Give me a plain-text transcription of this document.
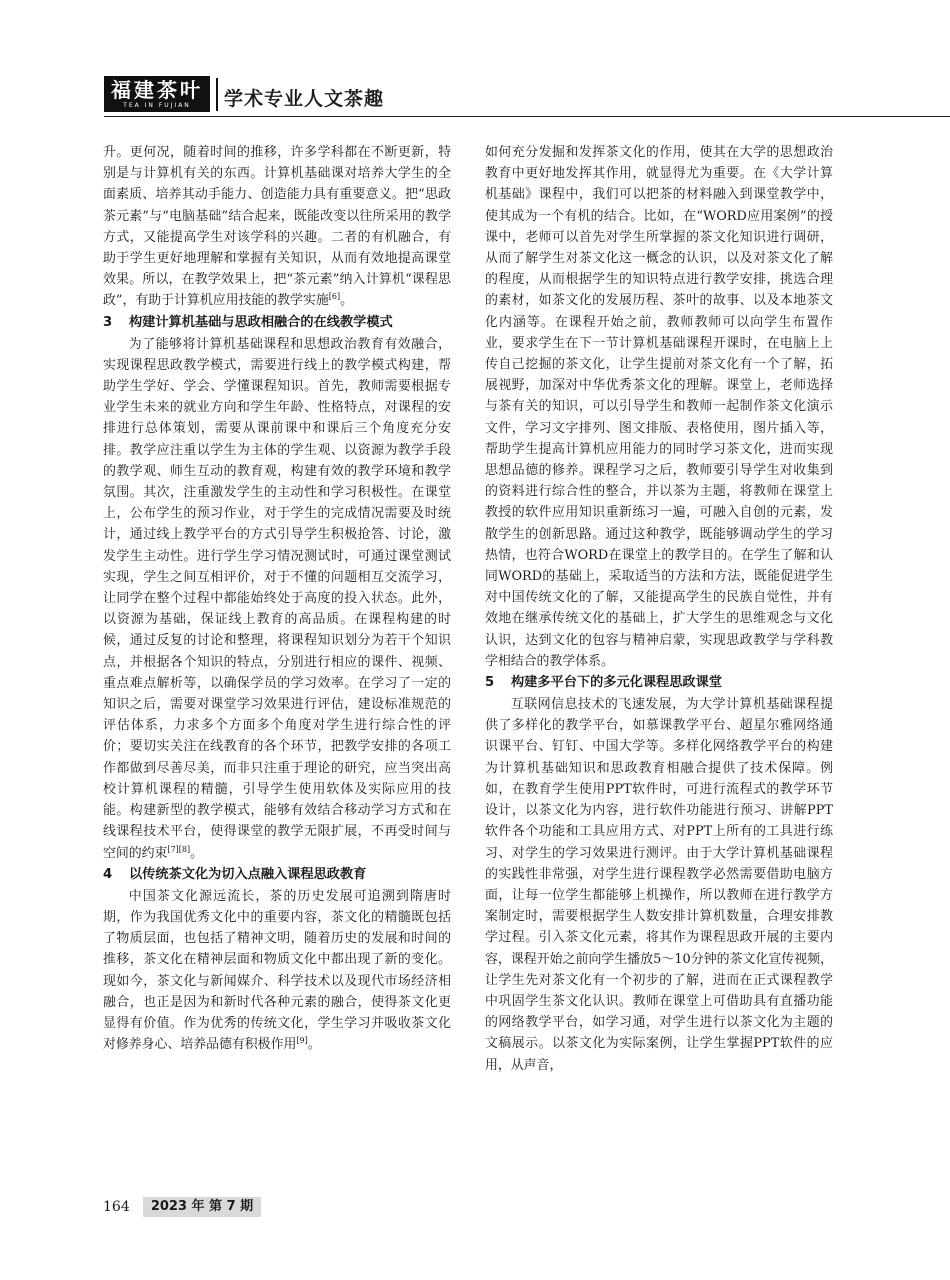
福建茶叶
TEA IN FUJIAN	学术专业人文茶趣

升。更何况，随着时间的推移，许多学科都在不断更新，特别是与计算机有关的东西。计算机基础课对培养大学生的全面素质、培养其动手能力、创造能力具有重要意义。把“思政茶元素”与“电脑基础”结合起来，既能改变以往所采用的教学方式，又能提高学生对该学科的兴趣。二者的有机融合，有助于学生更好地理解和掌握有关知识，从而有效地提高课堂效果。所以，在教学效果上，把“茶元素”纳入计算机“课程思政”，有助于计算机应用技能的教学实施[6]。

3 构建计算机基础与思政相融合的在线教学模式

为了能够将计算机基础课程和思想政治教育有效融合，实现课程思政教学模式，需要进行线上的教学模式构建，帮助学生学好、学会、学懂课程知识。首先，教师需要根据专业学生未来的就业方向和学生年龄、性格特点，对课程的安排进行总体策划，需要从课前课中和课后三个角度充分安排。教学应注重以学生为主体的学生观、以资源为教学手段的教学观、师生互动的教育观，构建有效的教学环境和教学氛围。其次，注重激发学生的主动性和学习积极性。在课堂上，公布学生的预习作业，对于学生的完成情况需要及时统计，通过线上教学平台的方式引导学生积极抢答、讨论，激发学生主动性。进行学生学习情况测试时，可通过课堂测试实现，学生之间互相评价，对于不懂的问题相互交流学习，让同学在整个过程中都能始终处于高度的投入状态。此外，以资源为基础，保证线上教育的高品质。在课程构建的时候，通过反复的讨论和整理，将课程知识划分为若干个知识点，并根据各个知识的特点，分别进行相应的课件、视频、重点难点解析等，以确保学员的学习效率。在学习了一定的知识之后，需要对课堂学习效果进行评估，建设标准规范的评估体系，力求多个方面多个角度对学生进行综合性的评价；要切实关注在线教育的各个环节，把教学安排的各项工作都做到尽善尽美，而非只注重于理论的研究，应当突出高校计算机课程的精髓，引导学生使用软体及实际应用的技能。构建新型的教学模式，能够有效结合移动学习方式和在线课程技术平台，使得课堂的教学无限扩展，不再受时间与空间的约束[7][8]。

4 以传统茶文化为切入点融入课程思政教育

中国茶文化源远流长，茶的历史发展可追溯到隋唐时期，作为我国优秀文化中的重要内容，茶文化的精髓既包括了物质层面，也包括了精神文明，随着历史的发展和时间的推移，茶文化在精神层面和物质文化中都出现了新的变化。现如今，茶文化与新闻媒介、科学技术以及现代市场经济相融合，也正是因为和新时代各种元素的融合，使得茶文化更显得有价值。作为优秀的传统文化，学生学习并吸收茶文化对修养身心、培养品德有积极作用[9]。

如何充分发掘和发挥茶文化的作用，使其在大学的思想政治教育中更好地发挥其作用，就显得尤为重要。在《大学计算机基础》课程中，我们可以把茶的材料融入到课堂教学中，使其成为一个有机的结合。比如，在“WORD应用案例”的授课中，老师可以首先对学生所掌握的茶文化知识进行调研，从而了解学生对茶文化这一概念的认识，以及对茶文化了解的程度，从而根据学生的知识特点进行教学安排，挑选合理的素材，如茶文化的发展历程、茶叶的故事、以及本地茶文化内涵等。在课程开始之前，教师教师可以向学生布置作业，要求学生在下一节计算机基础课程开课时，在电脑上上传自己挖掘的茶文化，让学生提前对茶文化有一个了解，拓展视野，加深对中华优秀茶文化的理解。课堂上，老师选择与茶有关的知识，可以引导学生和教师一起制作茶文化演示文件，学习文字排列、图文排版、表格使用，图片插入等，帮助学生提高计算机应用能力的同时学习茶文化，进而实现思想品德的修养。课程学习之后，教师要引导学生对收集到的资料进行综合性的整合，并以茶为主题，将教师在课堂上教授的软件应用知识重新练习一遍，可融入自创的元素，发散学生的创新思路。通过这种教学，既能够调动学生的学习热情，也符合WORD在课堂上的教学目的。在学生了解和认同WORD的基础上，采取适当的方法和方法，既能促进学生对中国传统文化的了解，又能提高学生的民族自觉性，并有效地在继承传统文化的基础上，扩大学生的思维观念与文化认识，达到文化的包容与精神启蒙，实现思政教学与学科教学相结合的教学体系。

5 构建多平台下的多元化课程思政课堂

互联网信息技术的飞速发展，为大学计算机基础课程提供了多样化的教学平台，如慕课教学平台、超星尔雅网络通识课平台、钉钉、中国大学等。多样化网络教学平台的构建为计算机基础知识和思政教育相融合提供了技术保障。例如，在教育学生使用PPT软件时，可进行流程式的教学环节设计，以茶文化为内容，进行软件功能进行预习、讲解PPT软件各个功能和工具应用方式、对PPT上所有的工具进行练习、对学生的学习效果进行测评。由于大学计算机基础课程的实践性非常强，对学生进行课程教学必然需要借助电脑方面，让每一位学生都能够上机操作，所以教师在进行教学方案制定时，需要根据学生人数安排计算机数量，合理安排教学过程。引入茶文化元素，将其作为课程思政开展的主要内容，课程开始之前向学生播放5～10分钟的茶文化宣传视频，让学生先对茶文化有一个初步的了解，进而在正式课程教学中巩固学生茶文化认识。教师在课堂上可借助具有直播功能的网络教学平台，如学习通，对学生进行以茶文化为主题的文稿展示。以茶文化为实际案例，让学生掌握PPT软件的应用，从声音，

164 2023 年 第 7 期
